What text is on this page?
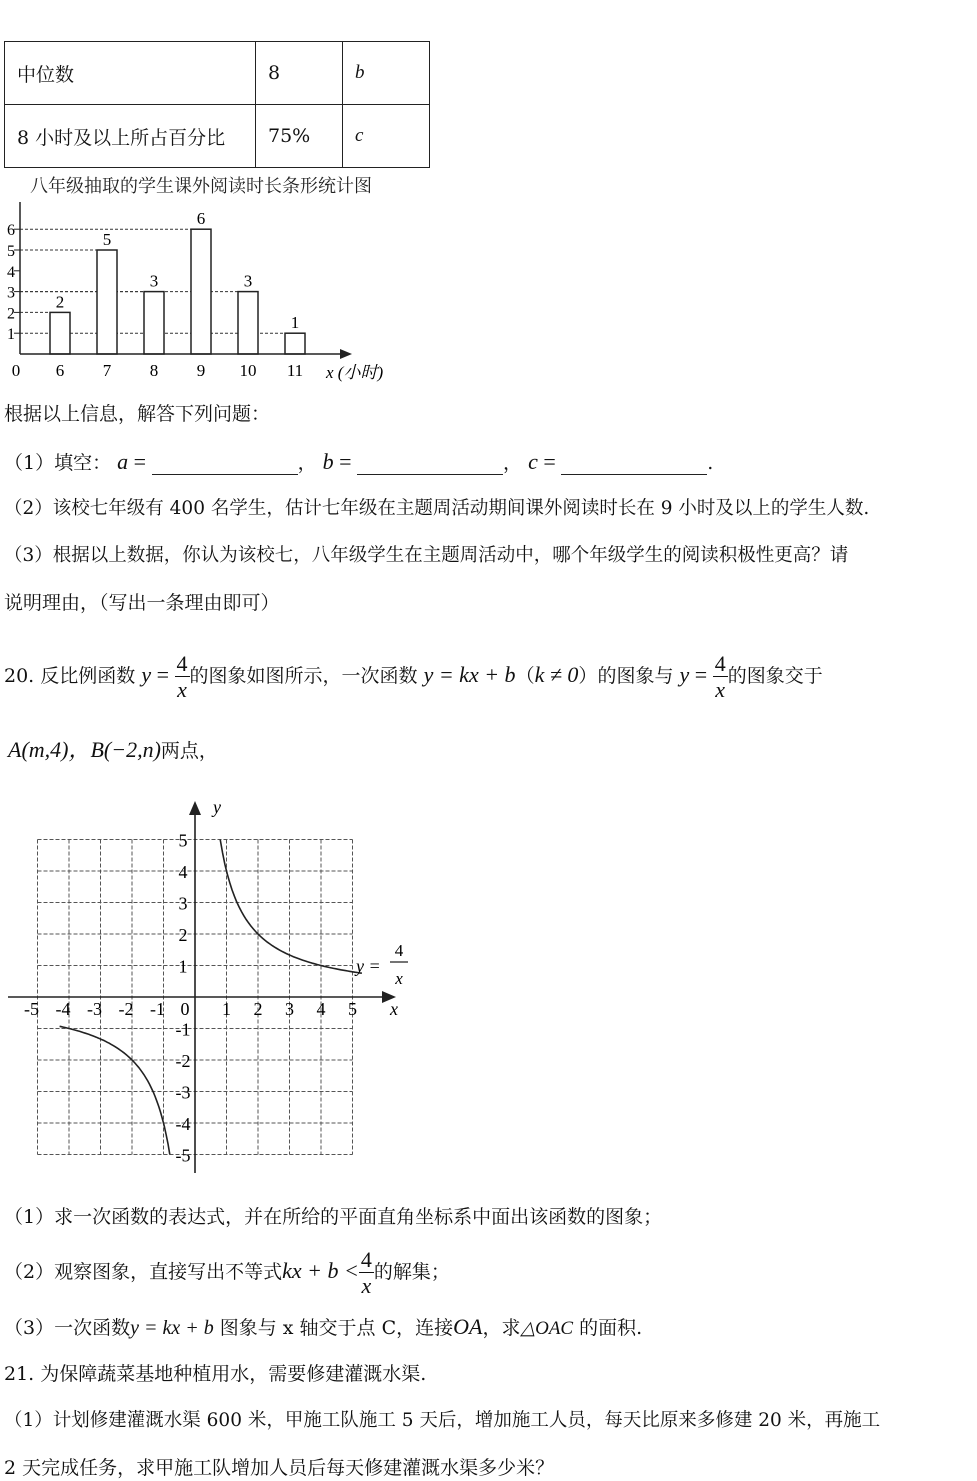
中位数	8	b
8 小时及以上所占百分比	75%	c
八年级抽取的学生课外阅读时长条形统计图
2
5
3
6
3
1
0
1
2
3
4
5
6
6 7 8 9 10 11 x (小时)
根据以上信息，解答下列问题：
（1）填空： a =	， b =	， c =	.
（2）该校七年级有 400 名学生，估计七年级在主题周活动期间课外阅读时长在 9 小时及以上的学生人数.
（3）根据以上数据，你认为该校七，八年级学生在主题周活动中，哪个年级学生的阅读积极性更高？请
说明理由，（写出一条理由即可）
20. 反比例函数 $y = \frac{4}{x}$ 的图象如图所示，一次函数 y = kx + b（k ≠ 0）的图象与 $y = \frac{4}{x}$ 的图象交于
A(m,4)，B(−2,n)两点，
x
y
0
-5 -4 -3 -2 -1	1 2 3 4 5
1
2
3
4
5
-1
-2
-3
-4
-5
y =
4
x
（1）求一次函数的表达式，并在所给的平面直角坐标系中面出该函数的图象；
（2）观察图象，直接写出不等式kx + $b < \frac{4}{x}$ 的解集；
（3）一次函数y = kx + b 图象与 x 轴交于点 C，连接OA，求△OAC 的面积.
21. 为保障蔬菜基地种植用水，需要修建灌溉水渠.
（1）计划修建灌溉水渠 600 米，甲施工队施工 5 天后，增加施工人员，每天比原来多修建 20 米，再施工
2 天完成任务，求甲施工队增加人员后每天修建灌溉水渠多少米？
